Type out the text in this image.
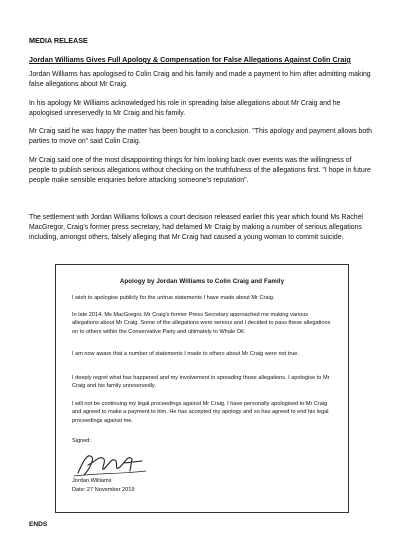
MEDIA RELEASE
Jordan Williams Gives Full Apology & Compensation for False Allegations Against Colin Craig

Jordan Williams has apologised to Colin Craig and his family and made a payment to him after admitting making false allegations about Mr Craig.

In his apology Mr Williams acknowledged his role in spreading false allegations about Mr Craig and he apologised unreservedly to Mr Craig and his family.

Mr Craig said he was happy the matter has been bought to a conclusion. "This apology and payment allows both parties to move on" said Colin Craig.

Mr Craig said one of the most disappointing things for him looking back over events was the willingness of people to publish serious allegations without checking on the truthfulness of the allegations first. "I hope in future people make sensible enquiries before attacking someone's reputation".

The settlement with Jordan Williams follows a court decision released earlier this year which found Ms Rachel MacGregor, Craig's former press secretary, had defamed Mr Craig by making a number of serious allegations including, amongst others, falsely alleging that Mr Craig had caused a young woman to commit suicide.

Apology by Jordan Williams to Colin Craig and Family

I wish to apologise publicly for the untrue statements I have made about Mr Craig.

In late 2014, Ms MacGregor, Mr Craig's former Press Secretary approached me making various allegations about Mr Craig. Some of the allegations were serious and I decided to pass these allegations on to others within the Conservative Party and ultimately to Whale Oil.

I am now aware that a number of statements I made to others about Mr Craig were not true.

I deeply regret what has happened and my involvement in spreading those allegations. I apologise to Mr Craig and his family unreservedly.

I will not be continuing my legal proceedings against Mr Craig. I have personally apologised to Mr Craig and agreed to make a payment to him. He has accepted my apology and so has agreed to end his legal proceedings against me.

Signed:
Jordan Williams
Date: 27 November 2019
ENDS
